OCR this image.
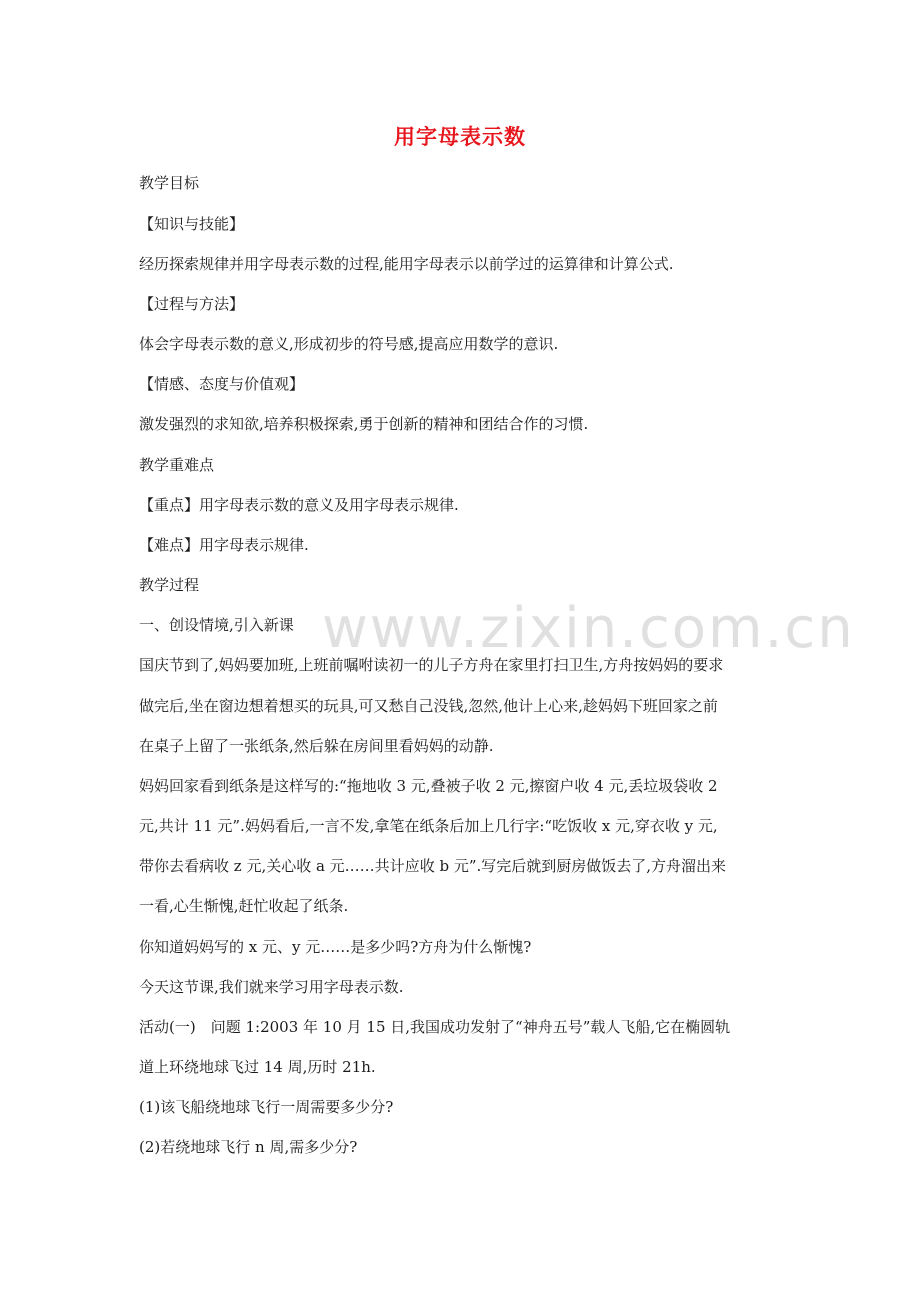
用字母表示数
教学目标
【知识与技能】
经历探索规律并用字母表示数的过程,能用字母表示以前学过的运算律和计算公式.
【过程与方法】
体会字母表示数的意义,形成初步的符号感,提高应用数学的意识.
【情感、态度与价值观】
激发强烈的求知欲,培养积极探索,勇于创新的精神和团结合作的习惯.
教学重难点
【重点】用字母表示数的意义及用字母表示规律.
【难点】用字母表示规律.
教学过程
一、创设情境,引入新课
国庆节到了,妈妈要加班,上班前嘱咐读初一的儿子方舟在家里打扫卫生,方舟按妈妈的要求
做完后,坐在窗边想着想买的玩具,可又愁自己没钱,忽然,他计上心来,趁妈妈下班回家之前
在桌子上留了一张纸条,然后躲在房间里看妈妈的动静.
妈妈回家看到纸条是这样写的:“拖地收 3 元,叠被子收 2 元,擦窗户收 4 元,丢垃圾袋收 2
元,共计 11 元”.妈妈看后,一言不发,拿笔在纸条后加上几行字:“吃饭收 x 元,穿衣收 y 元,
带你去看病收 z 元,关心收 a 元……共计应收 b 元”.写完后就到厨房做饭去了,方舟溜出来
一看,心生惭愧,赶忙收起了纸条.
你知道妈妈写的 x 元、y 元……是多少吗?方舟为什么惭愧?
今天这节课,我们就来学习用字母表示数.
活动(一)　问题 1:2003 年 10 月 15 日,我国成功发射了“神舟五号”载人飞船,它在椭圆轨
道上环绕地球飞过 14 周,历时 21h.
(1)该飞船绕地球飞行一周需要多少分?
(2)若绕地球飞行 n 周,需多少分?
www.zixin.com.cn
